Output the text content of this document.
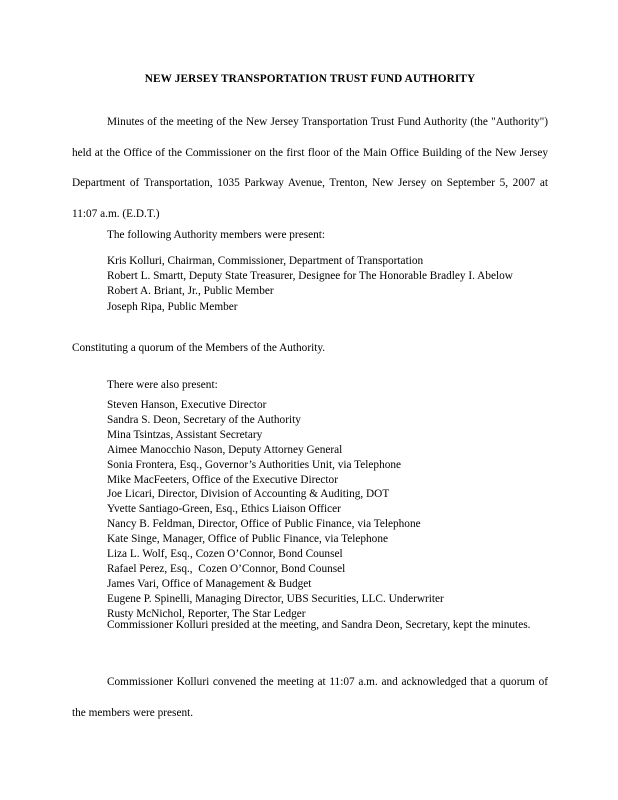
NEW JERSEY TRANSPORTATION TRUST FUND AUTHORITY

Minutes of the meeting of the New Jersey Transportation Trust Fund Authority (the "Authority") held at the Office of the Commissioner on the first floor of the Main Office Building of the New Jersey Department of Transportation, 1035 Parkway Avenue, Trenton, New Jersey on September 5, 2007 at 11:07 a.m. (E.D.T.)

The following Authority members were present:
Kris Kolluri, Chairman, Commissioner, Department of Transportation
Robert L. Smartt, Deputy State Treasurer, Designee for The Honorable Bradley I. Abelow
Robert A. Briant, Jr., Public Member
Joseph Ripa, Public Member
Constituting a quorum of the Members of the Authority.
There were also present:
Steven Hanson, Executive Director
Sandra S. Deon, Secretary of the Authority
Mina Tsintzas, Assistant Secretary
Aimee Manocchio Nason, Deputy Attorney General
Sonia Frontera, Esq., Governor’s Authorities Unit, via Telephone
Mike MacFeeters, Office of the Executive Director
Joe Licari, Director, Division of Accounting & Auditing, DOT
Yvette Santiago-Green, Esq., Ethics Liaison Officer
Nancy B. Feldman, Director, Office of Public Finance, via Telephone
Kate Singe, Manager, Office of Public Finance, via Telephone
Liza L. Wolf, Esq., Cozen O’Connor, Bond Counsel
Rafael Perez, Esq.,  Cozen O’Connor, Bond Counsel
James Vari, Office of Management & Budget
Eugene P. Spinelli, Managing Director, UBS Securities, LLC. Underwriter
Rusty McNichol, Reporter, The Star Ledger

Commissioner Kolluri presided at the meeting, and Sandra Deon, Secretary, kept the minutes.

Commissioner Kolluri convened the meeting at 11:07 a.m. and acknowledged that a quorum of the members were present.
